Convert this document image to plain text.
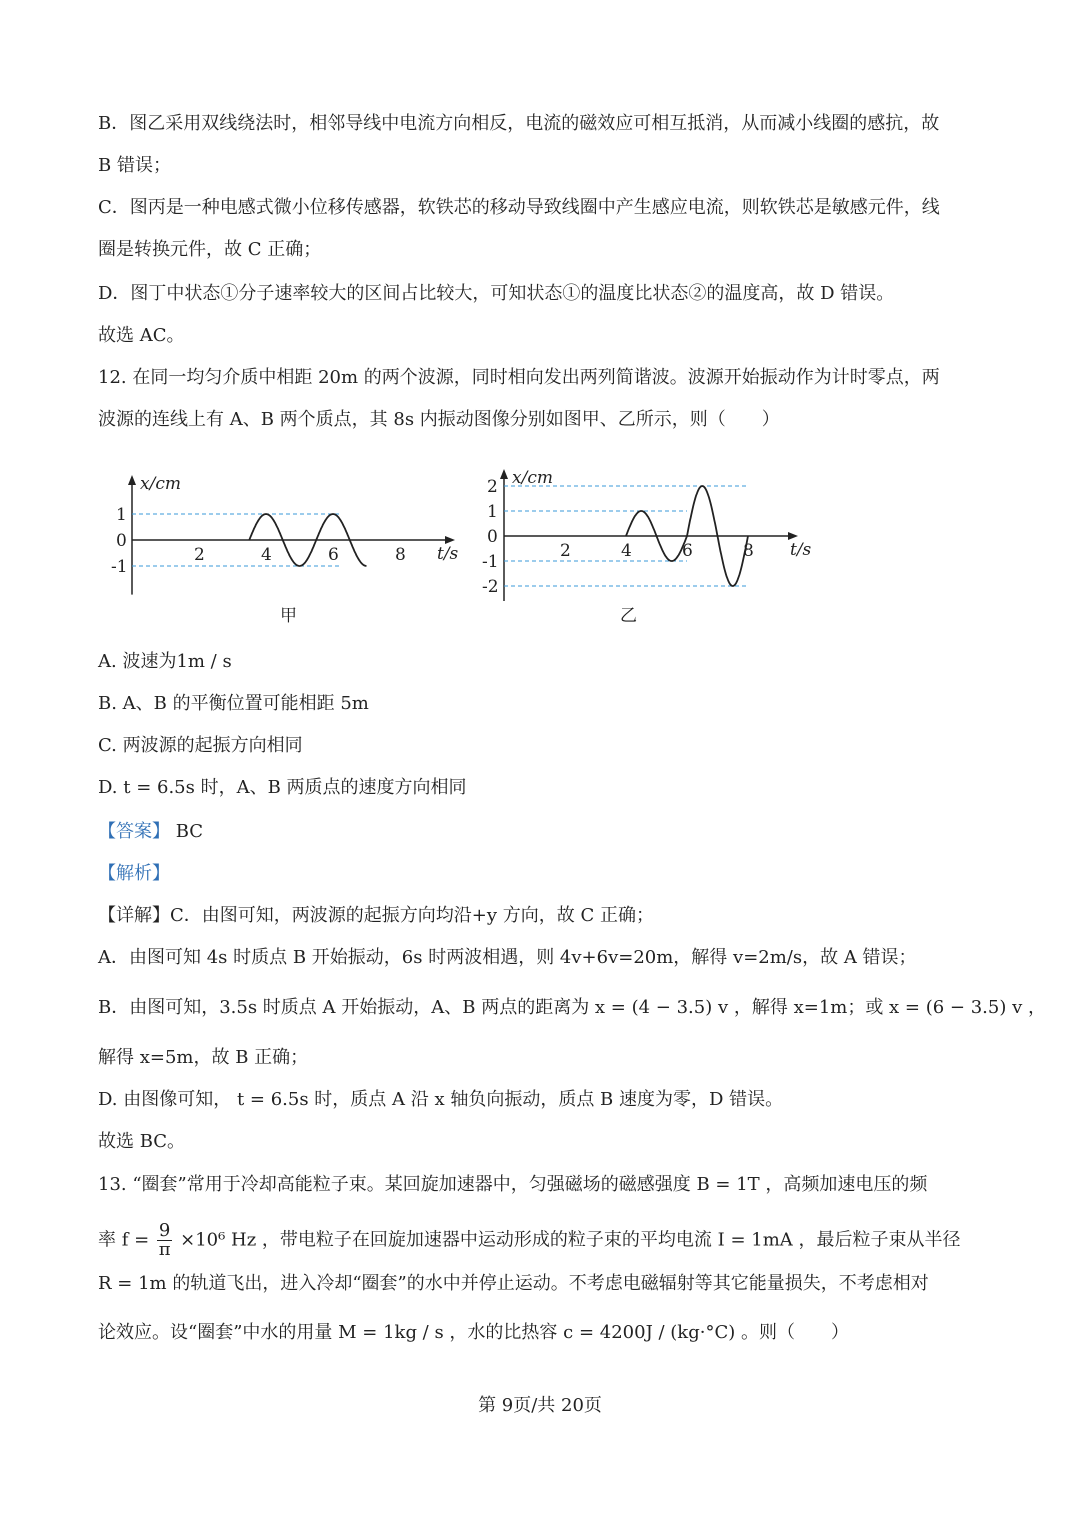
B．图乙采用双线绕法时，相邻导线中电流方向相反，电流的磁效应可相互抵消，从而减小线圈的感抗，故
B 错误；
C．图丙是一种电感式微小位移传感器，软铁芯的移动导致线圈中产生感应电流，则软铁芯是敏感元件，线
圈是转换元件，故 C 正确；
D．图丁中状态①分子速率较大的区间占比较大，可知状态①的温度比状态②的温度高，故 D 错误。
故选 AC。
12. 在同一均匀介质中相距 20m 的两个波源，同时相向发出两列简谐波。波源开始振动作为计时零点，两
波源的连线上有 A、B 两个质点，其 8s 内振动图像分别如图甲、乙所示，则（　　）
x/cm
t/s
1
0
-1
2	4	8
6
甲
x/cm
t/s
2
1
0
-1
-2
2	4	6	8
乙
A. 波速为1m / s
B. A、B 的平衡位置可能相距 5m
C. 两波源的起振方向相同
D. t = 6.5s 时，A、B 两质点的速度方向相同
【答案】 BC
【解析】
【详解】C．由图可知，两波源的起振方向均沿+y 方向，故 C 正确；
A．由图可知 4s 时质点 B 开始振动，6s 时两波相遇，则 4v+6v=20m，解得 v=2m/s，故 A 错误；
B．由图可知，3.5s 时质点 A 开始振动，A、B 两点的距离为 x = (4 − 3.5) v ，解得 x=1m；或 x = (6 − 3.5) v ，
解得 x=5m，故 B 正确；
D. 由图像可知， t = 6.5s 时，质点 A 沿 x 轴负向振动，质点 B 速度为零，D 错误。
故选 BC。
13. “圈套”常用于冷却高能粒子束。某回旋加速器中，匀强磁场的磁感强度 B = 1T ，高频加速电压的频
率 $f = \frac{9}{\pi} \times 10^6$ Hz ，带电粒子在回旋加速器中运动形成的粒子束的平均电流 I = 1mA ，最后粒子束从半径
R = 1m 的轨道飞出，进入冷却“圈套”的水中并停止运动。不考虑电磁辐射等其它能量损失，不考虑相对
论效应。设“圈套”中水的用量 M = 1kg / s ，水的比热容 c = 4200J / (kg·°C) 。则（　　）
第 9页/共 20页
